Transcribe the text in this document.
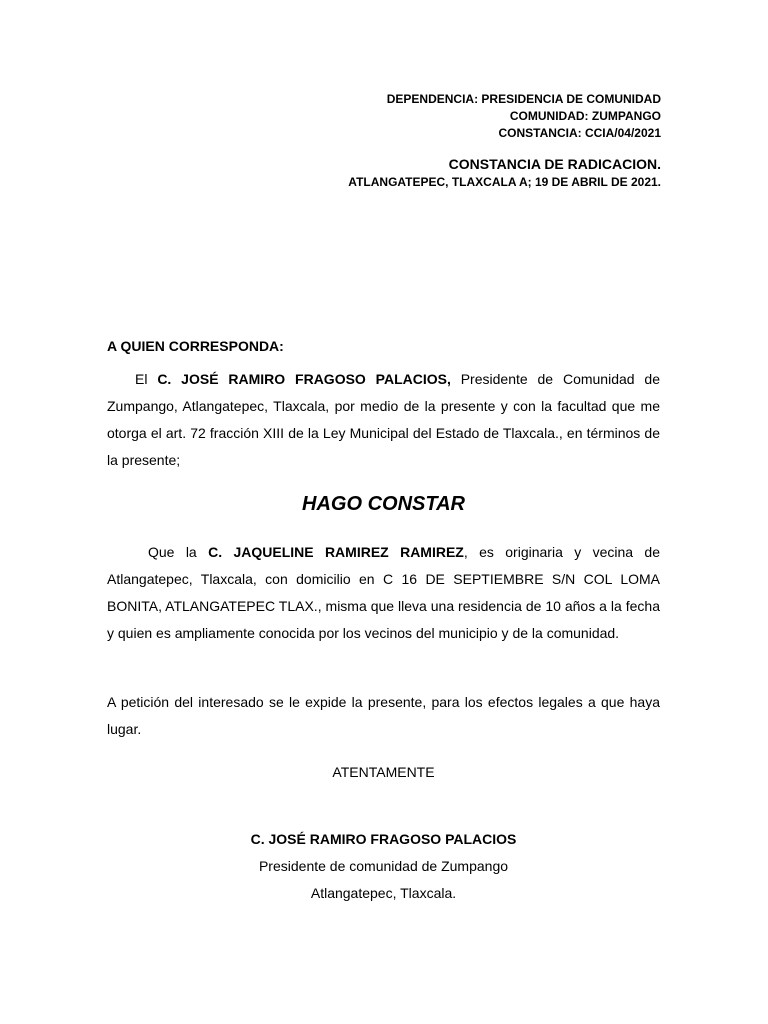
DEPENDENCIA: PRESIDENCIA DE COMUNIDAD
COMUNIDAD: ZUMPANGO
CONSTANCIA: CCIA/04/2021
CONSTANCIA DE RADICACION.
ATLANGATEPEC, TLAXCALA A; 19 DE ABRIL DE 2021.
A QUIEN CORRESPONDA:
El C. JOSÉ RAMIRO FRAGOSO PALACIOS, Presidente de Comunidad de Zumpango, Atlangatepec, Tlaxcala, por medio de la presente y con la facultad que me otorga el art. 72 fracción XIII de la Ley Municipal del Estado de Tlaxcala., en términos de la presente;
HAGO CONSTAR
Que la C. JAQUELINE RAMIREZ RAMIREZ, es originaria y vecina de Atlangatepec, Tlaxcala, con domicilio en C 16 DE SEPTIEMBRE S/N COL LOMA BONITA, ATLANGATEPEC TLAX., misma que lleva una residencia de 10 años a la fecha y quien es ampliamente conocida por los vecinos del municipio y de la comunidad.
A petición del interesado se le expide la presente, para los efectos legales a que haya lugar.
ATENTAMENTE
C. JOSÉ RAMIRO FRAGOSO PALACIOS
Presidente de comunidad de Zumpango
Atlangatepec, Tlaxcala.
